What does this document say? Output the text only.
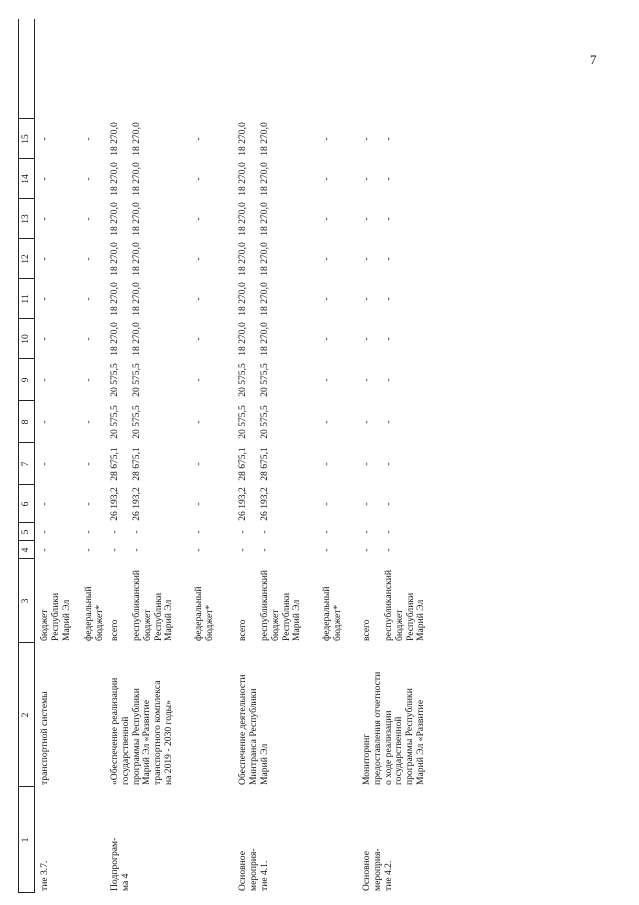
7
1
2
3
4
5
6
7
8
9
10
11
12
13
14
15
тие 3.7.
транспортной системы
бюджет Республики Марий Эл
-
-
-
-
-
-
-
-
-
-
-
-
федеральный бюджет*
-
-
-
-
-
-
-
-
-
-
-
-
Подпрограм- ма 4
«Обеспечение реализации государственной программы Республики Марий Эл «Развитие транспортного комплекса на 2019 - 2030 годы»
всего
-
-
26 193,2
28 675,1
20 575,5
20 575,5
18 270,0
18 270,0
18 270,0
18 270,0
18 270,0
18 270,0
республиканский бюджет Республики Марий Эл
-
-
26 193,2
28 675,1
20 575,5
20 575,5
18 270,0
18 270,0
18 270,0
18 270,0
18 270,0
18 270,0
федеральный бюджет*
-
-
-
-
-
-
-
-
-
-
-
-
Основное мероприя- тие 4.1.
Обеспечение деятельности Минтранса Республики Марий Эл
всего
-
-
26 193,2
28 675,1
20 575,5
20 575,5
18 270,0
18 270,0
18 270,0
18 270,0
18 270,0
18 270,0
республиканский бюджет Республики Марий Эл
-
-
26 193,2
28 675,1
20 575,5
20 575,5
18 270,0
18 270,0
18 270,0
18 270,0
18 270,0
18 270,0
федеральный бюджет*
-
-
-
-
-
-
-
-
-
-
-
-
Основное мероприя- тие 4.2.
Мониторинг предоставления отчетности о ходе реализации государственной программы Республики Марий Эл «Развитие
всего
-
-
-
-
-
-
-
-
-
-
-
-
республиканский бюджет Республики Марий Эл
-
-
-
-
-
-
-
-
-
-
-
-
